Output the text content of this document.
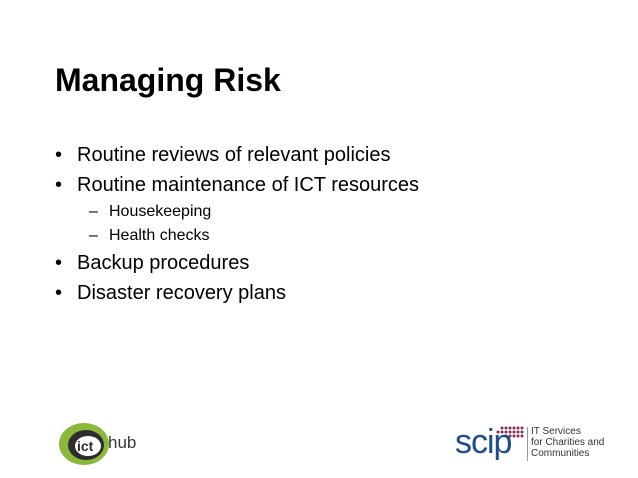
Managing Risk
• Routine reviews of relevant policies
• Routine maintenance of ICT resources
– Housekeeping
– Health checks
• Backup procedures
• Disaster recovery plans
ict hub	scip IT Services
for Charities and
Communities
